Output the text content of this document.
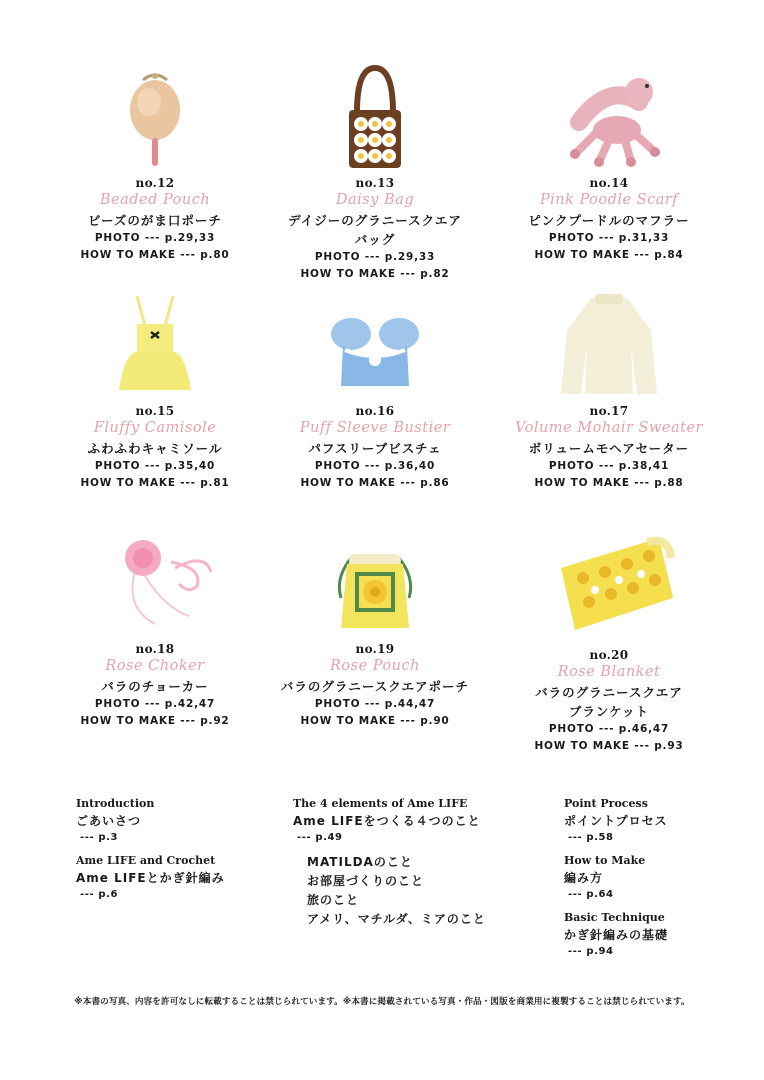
no.12
Beaded Pouch
ビーズのがま口ポーチ
PHOTO --- p.29,33
HOW TO MAKE --- p.80
no.13
Daisy Bag
デイジーのグラニースクエア
バッグ
PHOTO --- p.29,33
HOW TO MAKE --- p.82
no.14
Pink Poodle Scarf
ピンクプードルのマフラー
PHOTO --- p.31,33
HOW TO MAKE --- p.84
no.15
Fluffy Camisole
ふわふわキャミソール
PHOTO --- p.35,40
HOW TO MAKE --- p.81
no.16
Puff Sleeve Bustier
パフスリーブビスチェ
PHOTO --- p.36,40
HOW TO MAKE --- p.86
no.17
Volume Mohair Sweater
ボリュームモヘアセーター
PHOTO --- p.38,41
HOW TO MAKE --- p.88
no.18
Rose Choker
バラのチョーカー
PHOTO --- p.42,47
HOW TO MAKE --- p.92
no.19
Rose Pouch
バラのグラニースクエアポーチ
PHOTO --- p.44,47
HOW TO MAKE --- p.90
no.20
Rose Blanket
バラのグラニースクエア
ブランケット
PHOTO --- p.46,47
HOW TO MAKE --- p.93
Introduction
ごあいさつ
--- p.3
Ame LIFE and Crochet
Ame LIFEとかぎ針編み
--- p.6
The 4 elements of Ame LIFE
Ame LIFEをつくる４つのこと
--- p.49
MATILDAのこと
お部屋づくりのこと
旅のこと
アメリ、マチルダ、ミアのこと
Point Process
ポイントプロセス
--- p.58
How to Make
編み方
--- p.64
Basic Technique
かぎ針編みの基礎
--- p.94
※本書の写真、内容を許可なしに転載することは禁じられています。※本書に掲載されている写真・作品・図版を商業用に複製することは禁じられています。
